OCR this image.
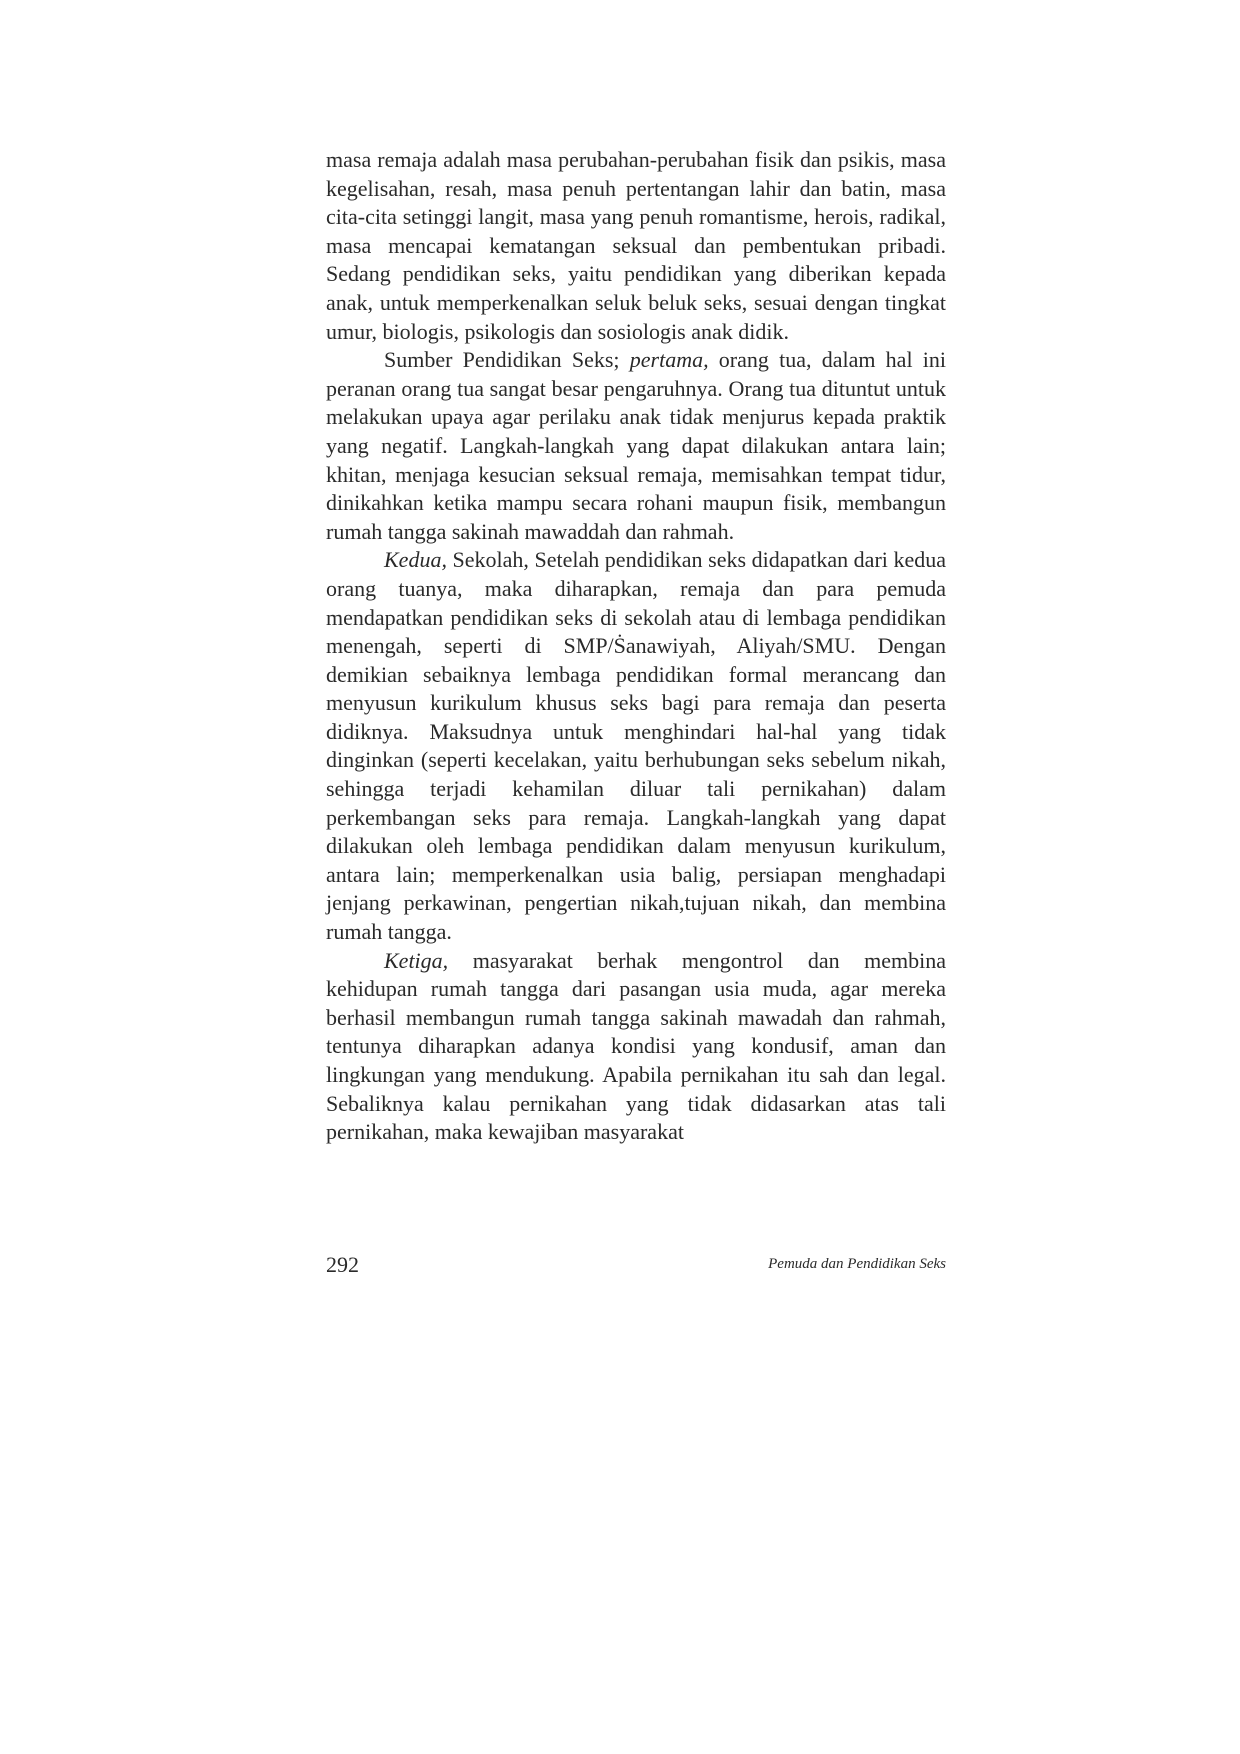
masa remaja adalah masa perubahan-perubahan fisik dan psikis, masa kegelisahan, resah, masa penuh pertentangan lahir dan batin, masa cita-cita setinggi langit, masa yang penuh romantisme, herois, radikal, masa mencapai kematangan seksual dan pembentukan pribadi. Sedang pendidikan seks, yaitu pendidikan yang diberikan kepada anak, untuk memperkenalkan seluk beluk seks, sesuai dengan tingkat umur, biologis, psikologis dan sosiologis anak didik.

Sumber Pendidikan Seks; pertama, orang tua, dalam hal ini peranan orang tua sangat besar pengaruhnya. Orang tua dituntut untuk melakukan upaya agar perilaku anak tidak menjurus kepada praktik yang negatif. Langkah-langkah yang dapat dilakukan antara lain; khitan, menjaga kesucian seksual remaja, memisahkan tempat tidur, dinikahkan ketika mampu secara rohani maupun fisik, membangun rumah tangga sakinah mawaddah dan rahmah.

Kedua, Sekolah, Setelah pendidikan seks didapatkan dari kedua orang tuanya, maka diharapkan, remaja dan para pemuda mendapatkan pendidikan seks di sekolah atau di lembaga pendidikan menengah, seperti di SMP/Ṡanawiyah, Aliyah/SMU. Dengan demikian sebaiknya lembaga pendidikan formal merancang dan menyusun kurikulum khusus seks bagi para remaja dan peserta didiknya. Maksudnya untuk menghindari hal-hal yang tidak dinginkan (seperti kecelakan, yaitu berhubungan seks sebelum nikah, sehingga terjadi kehamilan diluar tali pernikahan) dalam perkembangan seks para remaja. Langkah-langkah yang dapat dilakukan oleh lembaga pendidikan dalam menyusun kurikulum, antara lain; memperkenalkan usia balig, persiapan menghadapi jenjang perkawinan, pengertian nikah,tujuan nikah, dan membina rumah tangga.

Ketiga, masyarakat berhak mengontrol dan membina kehidupan rumah tangga dari pasangan usia muda, agar mereka berhasil membangun rumah tangga sakinah mawadah dan rahmah, tentunya diharapkan adanya kondisi yang kondusif, aman dan lingkungan yang mendukung. Apabila pernikahan itu sah dan legal. Sebaliknya kalau pernikahan yang tidak didasarkan atas tali pernikahan, maka kewajiban masyarakat

292	Pemuda dan Pendidikan Seks
